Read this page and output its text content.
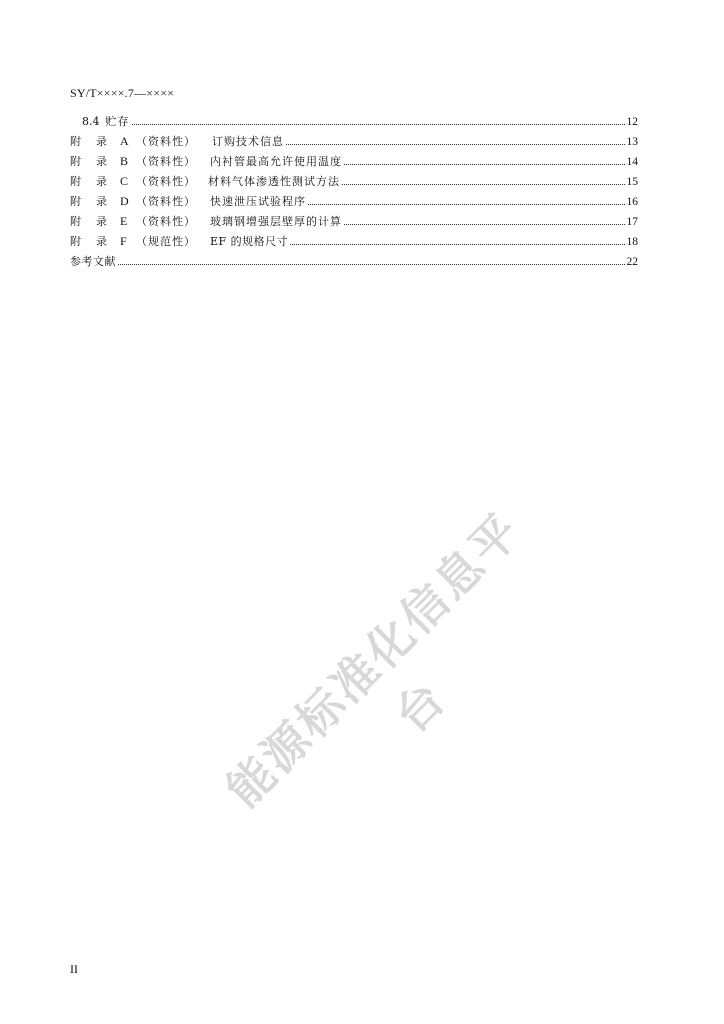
SY/T××××.7—××××
8.4 贮存	12
附	录	A （资料性）	订购技术信息	13
附	录	B （资料性）	内衬管最高允许使用温度	14
附	录	C （资料性）	材料气体渗透性测试方法	15
附	录	D （资料性）	快速泄压试验程序	16
附	录	E （资料性）	玻璃钢增强层壁厚的计算	17
附	录	F （规范性）	EF 的规格尺寸	18
参考文献	22
能源标准化信息平台
II
